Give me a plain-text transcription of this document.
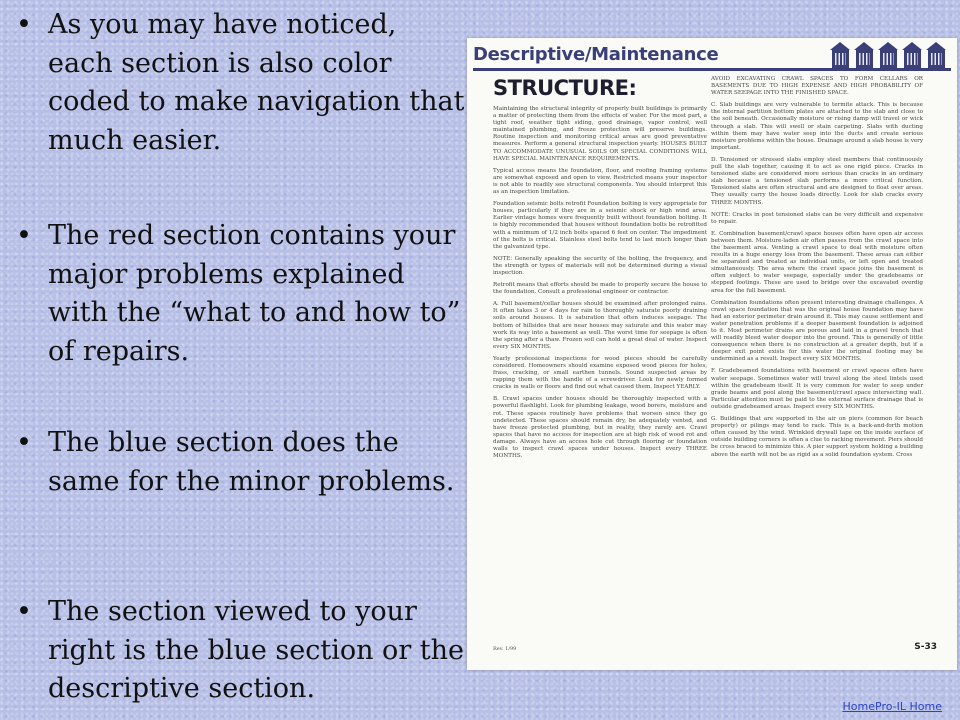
• As you may have noticed, each section is also color coded to make navigation that much easier.
• The red section contains your major problems explained with the “what to and how to” of repairs.
• The blue section does the same for the minor problems.
• The section viewed to your right is the blue section or the descriptive section.
Descriptive/Maintenance
STRUCTURE:

Maintaining the structural integrity of properly built buildings is primarily a matter of protecting them from the effects of water. For the most part, a tight roof, weather tight siding, good drainage, vapor control, well maintained plumbing, and freeze protection will preserve buildings. Routine inspection and monitoring critical areas are good preventative measures. Perform a general structural inspection yearly. HOUSES BUILT TO ACCOMMODATE UNUSUAL SOILS OR SPECIAL CONDITIONS WILL HAVE SPECIAL MAINTENANCE REQUIREMENTS.

Typical access means the foundation, floor, and roofing framing systems are somewhat exposed and open to view. Restricted means your inspector is not able to readily see structural components. You should interpret this as an inspection limitation.

Foundation seismic bolts retrofit Foundation bolting is very appropriate for houses, particularly if they are in a seismic shock or high wind area. Earlier vintage homes were frequently built without foundation bolting. It is highly recommended that houses without foundation bolts be retrofitted with a minimum of 1/2 inch bolts spaced 6 feet on center. The impediment of the bolts is critical. Stainless steel bolts tend to last much longer than the galvanized type.

NOTE: Generally speaking the security of the bolting, the frequency, and the strength or types of materials will not be determined during a visual inspection.

Retrofit means that efforts should be made to properly secure the house to the foundation. Consult a professional engineer or contractor.

A. Full basement/cellar houses should be examined after prolonged rains. It often takes 3 or 4 days for rain to thoroughly saturate poorly draining soils around houses. It is saturation that often induces seepage. The bottom of hillsides that are near houses may saturate and this water may work its way into a basement as well. The worst time for seepage is often the spring after a thaw. Frozen soil can hold a great deal of water. Inspect every SIX MONTHS.

Yearly professional inspections for wood pieces should be carefully considered. Homeowners should examine exposed wood pieces for holes, frass, cracking, or small earthen tunnels. Sound suspected areas by rapping them with the handle of a screwdriver. Look for newly formed cracks in walls or floors and find out what caused them. Inspect YEARLY.

B. Crawl spaces under houses should be thoroughly inspected with a powerful flashlight. Look for plumbing leakage, wood borers, moisture and rot. These spaces routinely have problems that worsen since they go undetected. These spaces should remain dry, be adequately vented, and have freeze protected plumbing, but in reality, they rarely are. Crawl spaces that have no access for inspection are at high risk of wood rot and damage. Always have an access hole cut through flooring or foundation walls to inspect crawl spaces under houses. Inspect every THREE MONTHS.

AVOID EXCAVATING CRAWL SPACES TO FORM CELLARS OR BASEMENTS DUE TO HIGH EXPENSE AND HIGH PROBABILITY OF WATER SEEPAGE INTO THE FINISHED SPACE.

C. Slab buildings are very vulnerable to termite attack. This is because the internal partition bottom plates are attached to the slab and close to the soil beneath. Occasionally moisture or rising damp will travel or wick through a slab. This will swell or stain carpeting. Slabs with ducting within them may have water seep into the ducts and create serious moisture problems within the house. Drainage around a slab house is very important.

D. Tensioned or stressed slabs employ steel members that continuously pull the slab together, causing it to act as one rigid piece. Cracks in tensioned slabs are considered more serious than cracks in an ordinary slab because a tensioned slab performs a more critical function. Tensioned slabs are often structural and are designed to float over areas. They usually carry the house loads directly. Look for slab cracks every THREE MONTHS.

NOTE: Cracks in post tensioned slabs can be very difficult and expensive to repair.

E. Combination basement/crawl space houses often have open air access between them. Moisture-laden air often passes from the crawl space into the basement area. Venting a crawl space to deal with moisture often results in a huge energy loss from the basement. These areas can either be separated and treated as individual units, or left open and treated simultaneously. The area where the crawl space joins the basement is often subject to water seepage, especially under the gradebeams or stepped footings. These are used to bridge over the excavated overdig area for the full basement.

Combination foundations often present interesting drainage challenges. A crawl space foundation that was the original house foundation may have had an exterior perimeter drain around it. This may cause settlement and water penetration problems if a deeper basement foundation is adjoined to it. Most perimeter drains are porous and laid in a gravel trench that will readily bleed water deeper into the ground. This is generally of little consequence when there is no construction at a greater depth, but if a deeper exit point exists for this water the original footing may be undermined as a result. Inspect every SIX MONTHS.

F. Gradebeamed foundations with basement or crawl spaces often have water seepage. Sometimes water will travel along the steel lintels used within the gradebeam itself. It is very common for water to seep under grade beams and pool along the basement/crawl space intersecting wall. Particular attention must be paid to the external surface drainage that is outside gradebeamed areas. Inspect every SIX MONTHS.

G. Buildings that are supported in the air on piers (common for beach property) or pilings may tend to rack. This is a back-and-forth motion often caused by the wind. Wrinkled drywall tape on the inside surface of outside building corners is often a clue to racking movement. Piers should be cross braced to minimize this. A pier support system holding a building above the earth will not be as rigid as a solid foundation system. Cross

Rev. 1/99	S-33
HomePro-IL Home
